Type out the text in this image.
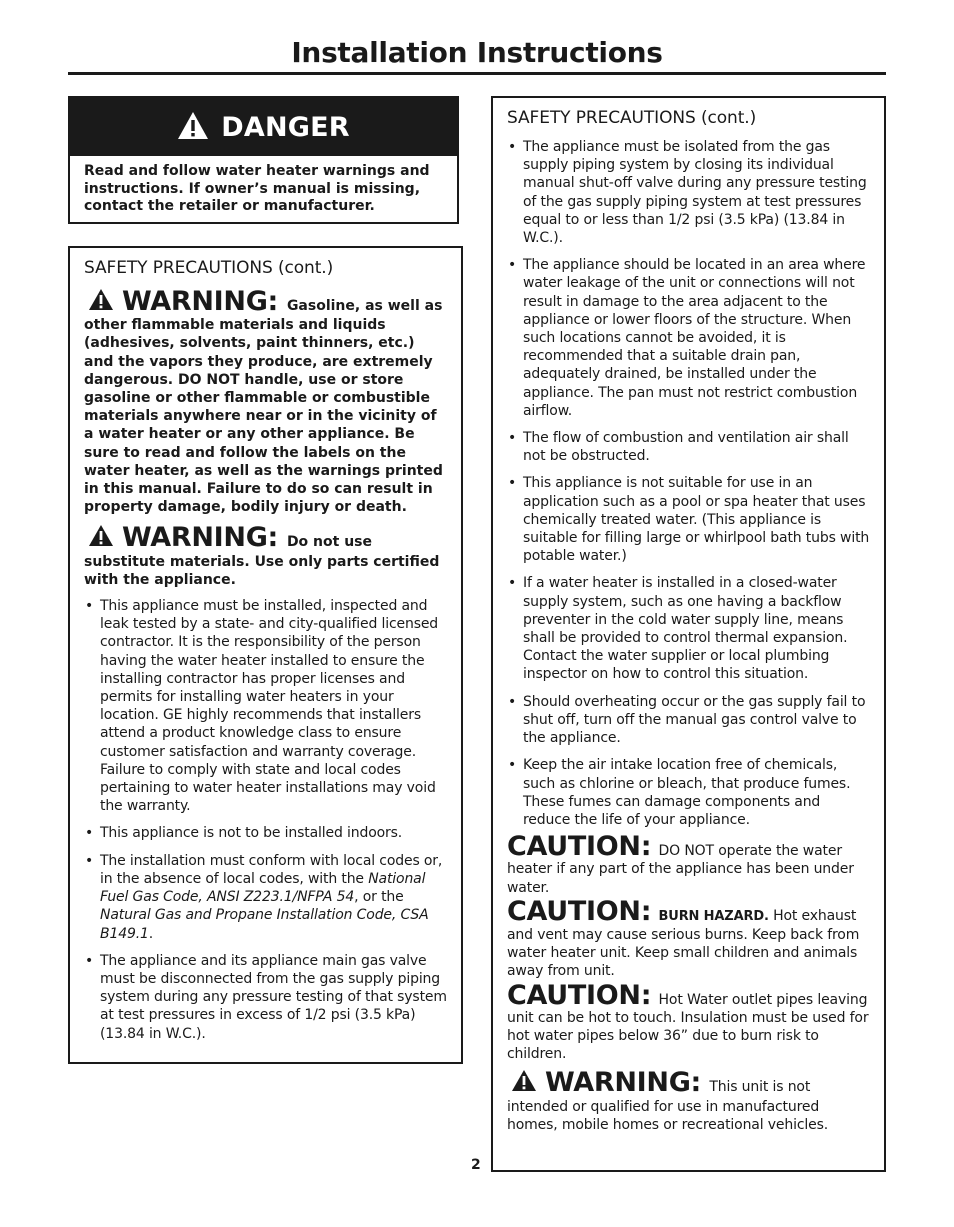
Installation Instructions
DANGER
Read and follow water heater warnings and instructions. If owner’s manual is missing, contact the retailer or manufacturer.
SAFETY PRECAUTIONS (cont.)
WARNING: Gasoline, as well as other flammable materials and liquids (adhesives, solvents, paint thinners, etc.) and the vapors they produce, are extremely dangerous. DO NOT handle, use or store gasoline or other flammable or combustible materials anywhere near or in the vicinity of a water heater or any other appliance. Be sure to read and follow the labels on the water heater, as well as the warnings printed in this manual. Failure to do so can result in property damage, bodily injury or death.
WARNING: Do not use substitute materials. Use only parts certified with the appliance.
• This appliance must be installed, inspected and leak tested by a state- and city-qualified licensed contractor. It is the responsibility of the person having the water heater installed to ensure the installing contractor has proper licenses and permits for installing water heaters in your location. GE highly recommends that installers attend a product knowledge class to ensure customer satisfaction and warranty coverage. Failure to comply with state and local codes pertaining to water heater installations may void the warranty.
• This appliance is not to be installed indoors.
• The installation must conform with local codes or, in the absence of local codes, with the National Fuel Gas Code, ANSI Z223.1/NFPA 54, or the Natural Gas and Propane Installation Code, CSA B149.1.
• The appliance and its appliance main gas valve must be disconnected from the gas supply piping system during any pressure testing of that system at test pressures in excess of 1/2 psi (3.5 kPa) (13.84 in W.C.).
SAFETY PRECAUTIONS (cont.)
• The appliance must be isolated from the gas supply piping system by closing its individual manual shut-off valve during any pressure testing of the gas supply piping system at test pressures equal to or less than 1/2 psi (3.5 kPa) (13.84 in W.C.).
• The appliance should be located in an area where water leakage of the unit or connections will not result in damage to the area adjacent to the appliance or lower floors of the structure. When such locations cannot be avoided, it is recommended that a suitable drain pan, adequately drained, be installed under the appliance. The pan must not restrict combustion airflow.
• The flow of combustion and ventilation air shall not be obstructed.
• This appliance is not suitable for use in an application such as a pool or spa heater that uses chemically treated water. (This appliance is suitable for filling large or whirlpool bath tubs with potable water.)
• If a water heater is installed in a closed-water supply system, such as one having a backflow preventer in the cold water supply line, means shall be provided to control thermal expansion. Contact the water supplier or local plumbing inspector on how to control this situation.
• Should overheating occur or the gas supply fail to shut off, turn off the manual gas control valve to the appliance.
• Keep the air intake location free of chemicals, such as chlorine or bleach, that produce fumes. These fumes can damage components and reduce the life of your appliance.
CAUTION: DO NOT operate the water heater if any part of the appliance has been under water.
CAUTION: BURN HAZARD. Hot exhaust and vent may cause serious burns. Keep back from water heater unit. Keep small children and animals away from unit.
CAUTION: Hot Water outlet pipes leaving unit can be hot to touch. Insulation must be used for hot water pipes below 36” due to burn risk to children.
WARNING: This unit is not intended or qualified for use in manufactured homes, mobile homes or recreational vehicles.
2
